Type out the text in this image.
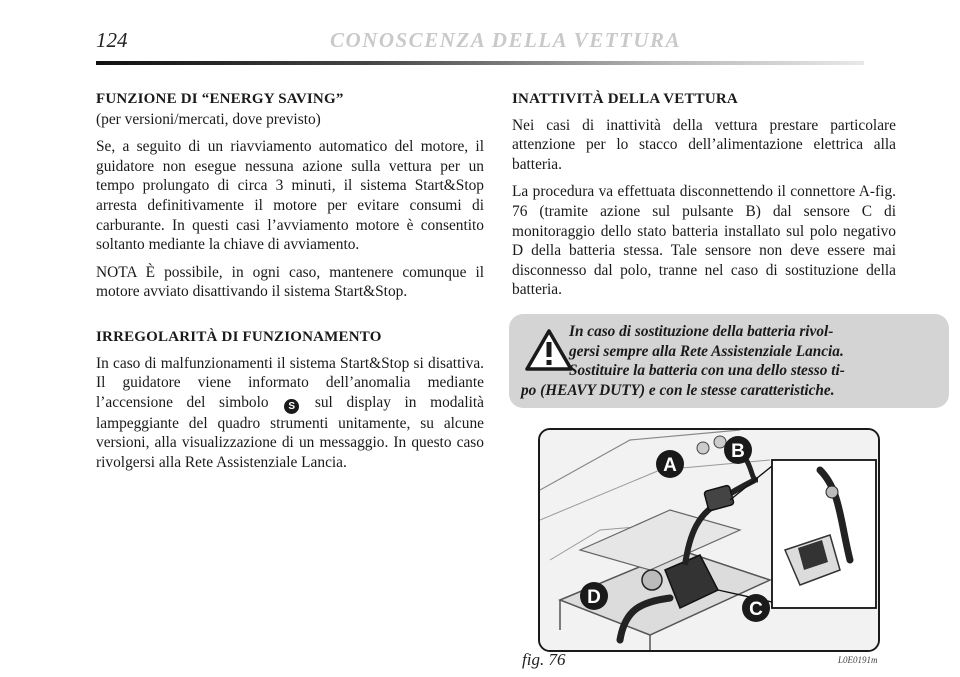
124	CONOSCENZA DELLA VETTURA
FUNZIONE DI “ENERGY SAVING”
(per versioni/mercati, dove previsto)

Se, a seguito di un riavviamento automatico del motore, il guidatore non esegue nessuna azione sulla vettura per un tempo prolungato di circa 3 minuti, il sistema Start&Stop arresta definitivamente il motore per evitare consumi di carburante. In questi casi l’avviamento motore è consentito soltanto mediante la chiave di avviamento.

NOTA È possibile, in ogni caso, mantenere comunque il motore avviato disattivando il sistema Start&Stop.

IRREGOLARITÀ DI FUNZIONAMENTO

In caso di malfunzionamenti il sistema Start&Stop si disattiva. Il guidatore viene informato dell’anomalia mediante l’accensione del simbolo S sul display in modalità lampeggiante del quadro strumenti unitamente, su alcune versioni, alla visualizzazione di un messaggio. In questo caso rivolgersi alla Rete Assistenziale Lancia.

INATTIVITÀ DELLA VETTURA

Nei casi di inattività della vettura prestare particolare attenzione per lo stacco dell’alimentazione elettrica alla batteria.

La procedura va effettuata disconnettendo il connettore A-fig. 76 (tramite azione sul pulsante B) dal sensore C di monitoraggio dello stato batteria installato sul polo negativo D della batteria stessa. Tale sensore non deve essere mai disconnesso dal polo, tranne nel caso di sostituzione della batteria.

In caso di sostituzione della batteria rivol-
gersi sempre alla Rete Assistenziale Lancia.
Sostituire la batteria con una dello stesso ti-
po (HEAVY DUTY) e con le stesse caratteristiche.
A
B
C
D
fig. 76	L0E0191m
